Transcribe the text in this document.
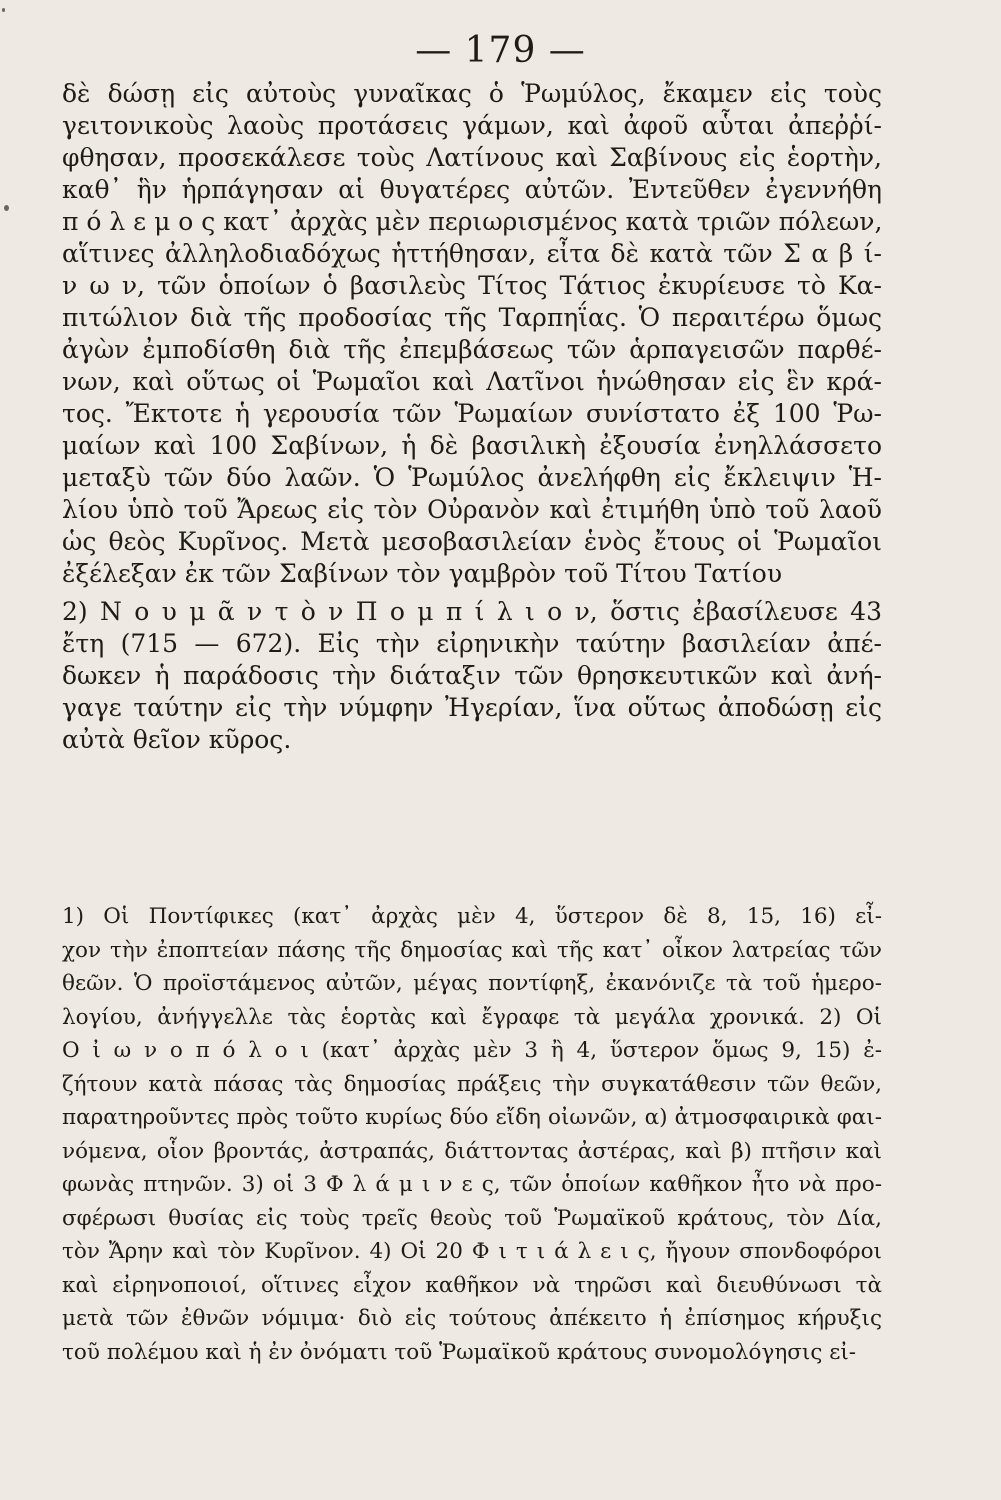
— 179 —
δὲ δώσῃ εἰς αὐτοὺς γυναῖκας ὁ Ῥωμύλος, ἔκαμεν εἰς τοὺς
γειτονικοὺς λαοὺς προτάσεις γάμων, καὶ ἀφοῦ αὗται ἀπεῤῥί-
φθησαν, προσεκάλεσε τοὺς Λατίνους καὶ Σαβίνους εἰς ἑορτὴν,
καθ᾿ ἣν ἡρπάγησαν αἱ θυγατέρες αὐτῶν. Ἐντεῦθεν ἐγεννήθη
π ό λ ε μ ο ς κατ᾿ ἀρχὰς μὲν περιωρισμένος κατὰ τριῶν πόλεων,
αἵτινες ἀλληλοδιαδόχως ἡττήθησαν, εἶτα δὲ κατὰ τῶν Σ α β ί-
ν ω ν, τῶν ὁποίων ὁ βασιλεὺς Τίτος Τάτιος ἐκυρίευσε τὸ Κα-
πιτώλιον διὰ τῆς προδοσίας τῆς Ταρπηΐας. Ὁ περαιτέρω ὅμως
ἀγὼν ἐμποδίσθη διὰ τῆς ἐπεμβάσεως τῶν ἁρπαγεισῶν παρθέ-
νων, καὶ οὕτως οἱ Ῥωμαῖοι καὶ Λατῖνοι ἡνώθησαν εἰς ἓν κρά-
τος. Ἔκτοτε ἡ γερουσία τῶν Ῥωμαίων συνίστατο ἐξ 100 Ῥω-
μαίων καὶ 100 Σαβίνων, ἡ δὲ βασιλικὴ ἐξουσία ἐνηλλάσσετο
μεταξὺ τῶν δύο λαῶν. Ὁ Ῥωμύλος ἀνελήφθη εἰς ἔκλειψιν Ἡ-
λίου ὑπὸ τοῦ Ἄρεως εἰς τὸν Οὐρανὸν καὶ ἐτιμήθη ὑπὸ τοῦ λαοῦ
ὡς θεὸς Κυρῖνος. Μετὰ μεσοβασιλείαν ἑνὸς ἔτους οἱ Ῥωμαῖοι
ἐξέλεξαν ἐκ τῶν Σαβίνων τὸν γαμβρὸν τοῦ Τίτου Τατίου
2) Ν ο υ μ ᾶ ν τ ὸ ν Π ο μ π ί λ ι ο ν, ὅστις ἐβασίλευσε 43
ἔτη (715 — 672). Εἰς τὴν εἰρηνικὴν ταύτην βασιλείαν ἀπέ-
δωκεν ἡ παράδοσις τὴν διάταξιν τῶν θρησκευτικῶν καὶ ἀνή-
γαγε ταύτην εἰς τὴν νύμφην Ἠγερίαν, ἵνα οὕτως ἀποδώσῃ εἰς
αὐτὰ θεῖον κῦρος.
1) Οἱ Ποντίφικες (κατ᾿ ἀρχὰς μὲν 4, ὕστερον δὲ 8, 15, 16) εἶ-
χον τὴν ἐποπτείαν πάσης τῆς δημοσίας καὶ τῆς κατ᾿ οἶκον λατρείας τῶν
θεῶν. Ὁ προϊστάμενος αὐτῶν, μέγας ποντίφηξ, ἐκανόνιζε τὰ τοῦ ἡμερο-
λογίου, ἀνήγγελλε τὰς ἑορτὰς καὶ ἔγραφε τὰ μεγάλα χρονικά. 2) Οἱ
Ο ἰ ω ν ο π ό λ ο ι (κατ᾿ ἀρχὰς μὲν 3 ἢ 4, ὕστερον ὅμως 9, 15) ἐ-
ζήτουν κατὰ πάσας τὰς δημοσίας πράξεις τὴν συγκατάθεσιν τῶν θεῶν,
παρατηροῦντες πρὸς τοῦτο κυρίως δύο εἴδη οἰωνῶν, α) ἀτμοσφαιρικὰ φαι-
νόμενα, οἷον βροντάς, ἀστραπάς, διάττοντας ἀστέρας, καὶ β) πτῆσιν καὶ
φωνὰς πτηνῶν. 3) οἱ 3 Φ λ ά μ ι ν ε ς, τῶν ὁποίων καθῆκον ἦτο νὰ προ-
σφέρωσι θυσίας εἰς τοὺς τρεῖς θεοὺς τοῦ Ῥωμαϊκοῦ κράτους, τὸν Δία,
τὸν Ἄρην καὶ τὸν Κυρῖνον. 4) Οἱ 20 Φ ι τ ι ά λ ε ι ς, ἤγουν σπονδοφόροι
καὶ εἰρηνοποιοί, οἵτινες εἶχον καθῆκον νὰ τηρῶσι καὶ διευθύνωσι τὰ
μετὰ τῶν ἐθνῶν νόμιμα· διὸ εἰς τούτους ἀπέκειτο ἡ ἐπίσημος κήρυξις
τοῦ πολέμου καὶ ἡ ἐν ὀνόματι τοῦ Ῥωμαϊκοῦ κράτους συνομολόγησις εἰ-
